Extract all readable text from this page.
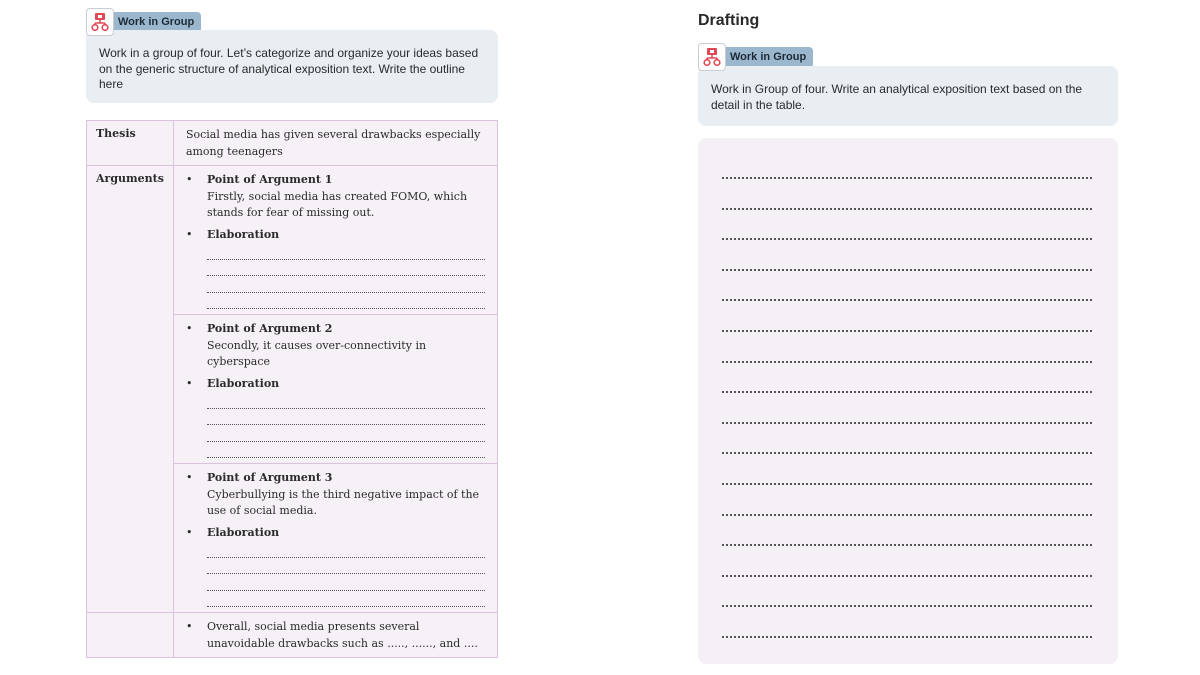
Work in Group
Work in a group of four. Let’s categorize and organize your ideas based on the generic structure of analytical exposition text. Write the outline here
Thesis	Social media has given several drawbacks especially among teenagers
Arguments	• Point of Argument 1
Firstly, social media has created FOMO, which stands for fear of missing out.
• Elaboration

	• Point of Argument 2
Secondly, it causes over-connectivity in cyberspace
• Elaboration

	• Point of Argument 3
Cyberbullying is the third negative impact of the use of social media.
• Elaboration

	• Overall, social media presents several unavoidable drawbacks such as ....., ......, and ....
Drafting
Work in Group
Work in Group of four. Write an analytical exposition text based on the detail in the table.
